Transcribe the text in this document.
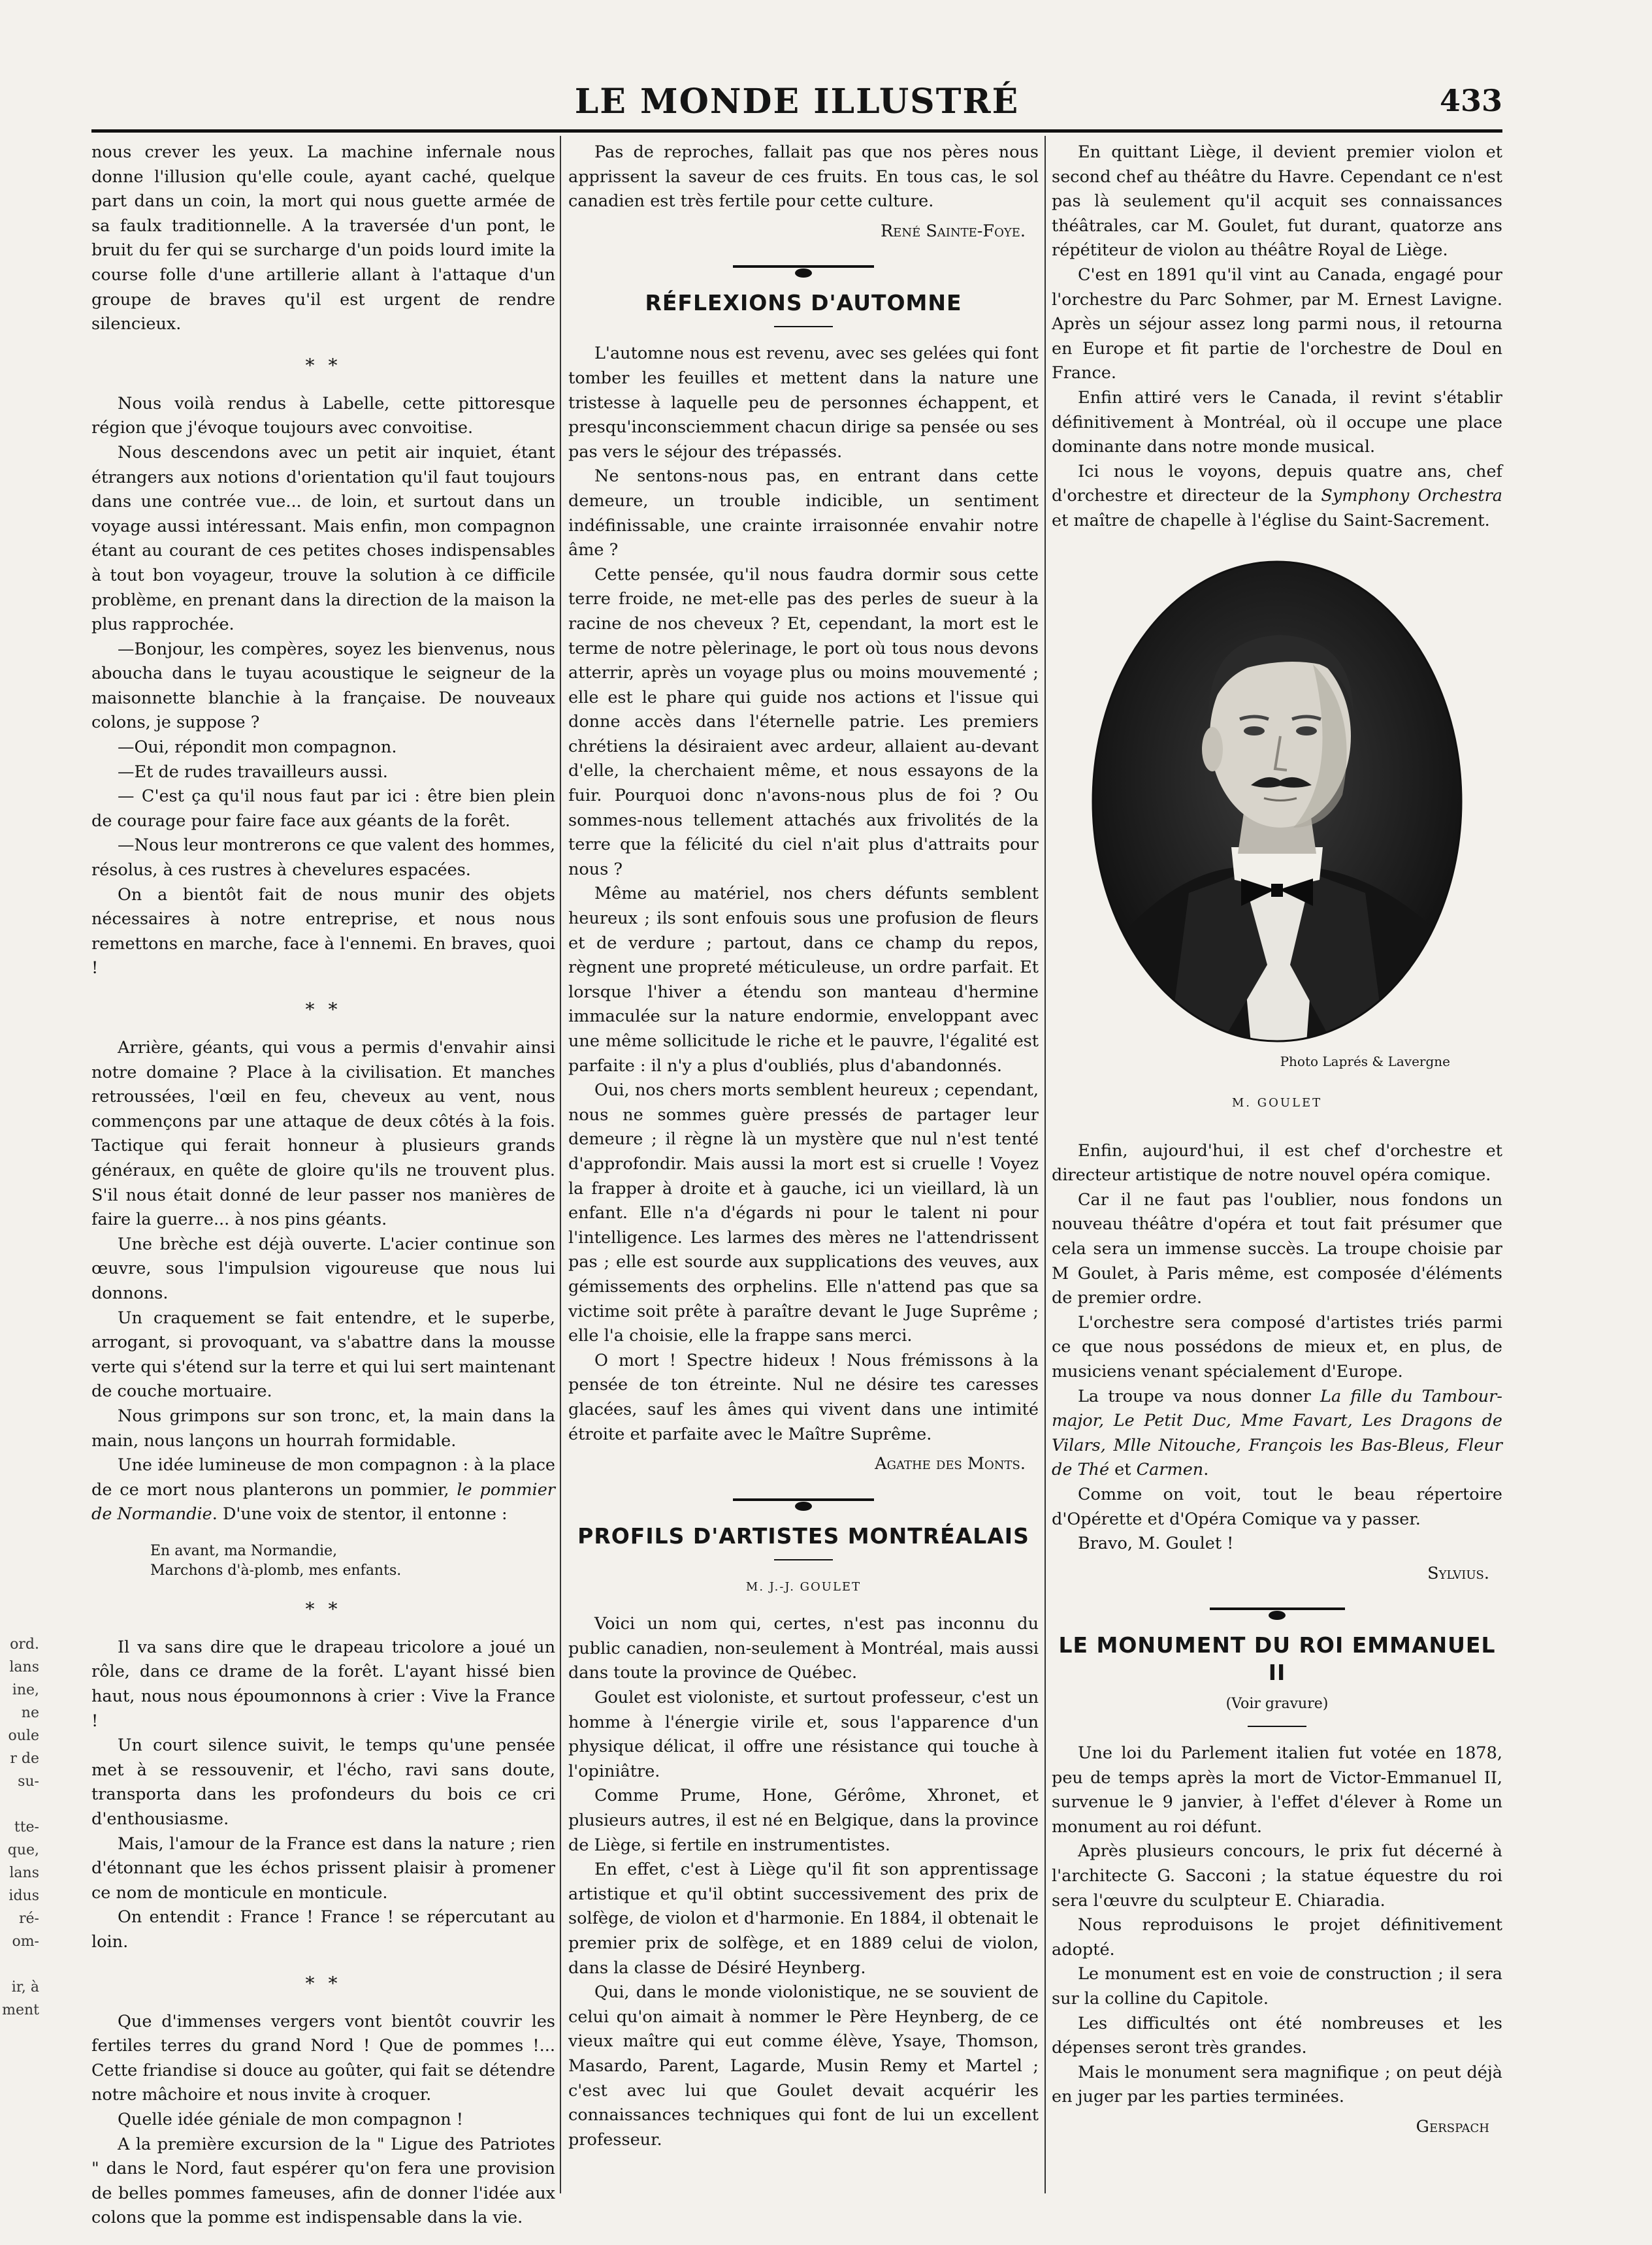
LE MONDE ILLUSTRÉ	433

nous crever les yeux. La machine infernale nous donne l'illusion qu'elle coule, ayant caché, quelque part dans un coin, la mort qui nous guette armée de sa faulx traditionnelle. A la traversée d'un pont, le bruit du fer qui se surcharge d'un poids lourd imite la course folle d'une artillerie allant à l'attaque d'un groupe de braves qu'il est urgent de rendre silencieux.

* *

Nous voilà rendus à Labelle, cette pittoresque région que j'évoque toujours avec convoitise.

Nous descendons avec un petit air inquiet, étant étrangers aux notions d'orientation qu'il faut toujours dans une contrée vue... de loin, et surtout dans un voyage aussi intéressant. Mais enfin, mon compagnon étant au courant de ces petites choses indispensables à tout bon voyageur, trouve la solution à ce difficile problème, en prenant dans la direction de la maison la plus rapprochée.

—Bonjour, les compères, soyez les bienvenus, nous aboucha dans le tuyau acoustique le seigneur de la maisonnette blanchie à la française. De nouveaux colons, je suppose ?

—Oui, répondit mon compagnon.

—Et de rudes travailleurs aussi.

— C'est ça qu'il nous faut par ici : être bien plein de courage pour faire face aux géants de la forêt.

—Nous leur montrerons ce que valent des hommes, résolus, à ces rustres à chevelures espacées.

On a bientôt fait de nous munir des objets nécessaires à notre entreprise, et nous nous remettons en marche, face à l'ennemi. En braves, quoi !

* *

Arrière, géants, qui vous a permis d'envahir ainsi notre domaine ? Place à la civilisation. Et manches retroussées, l'œil en feu, cheveux au vent, nous commençons par une attaque de deux côtés à la fois. Tactique qui ferait honneur à plusieurs grands généraux, en quête de gloire qu'ils ne trouvent plus. S'il nous était donné de leur passer nos manières de faire la guerre... à nos pins géants.

Une brèche est déjà ouverte. L'acier continue son œuvre, sous l'impulsion vigoureuse que nous lui donnons.

Un craquement se fait entendre, et le superbe, arrogant, si provoquant, va s'abattre dans la mousse verte qui s'étend sur la terre et qui lui sert maintenant de couche mortuaire.

Nous grimpons sur son tronc, et, la main dans la main, nous lançons un hourrah formidable.

Une idée lumineuse de mon compagnon : à la place de ce mort nous planterons un pommier, le pommier de Normandie. D'une voix de stentor, il entonne :

En avant, ma Normandie,
Marchons d'à-plomb, mes enfants.
* *

Il va sans dire que le drapeau tricolore a joué un rôle, dans ce drame de la forêt. L'ayant hissé bien haut, nous nous époumonnons à crier : Vive la France !

Un court silence suivit, le temps qu'une pensée met à se ressouvenir, et l'écho, ravi sans doute, transporta dans les profondeurs du bois ce cri d'enthousiasme.

Mais, l'amour de la France est dans la nature ; rien d'étonnant que les échos prissent plaisir à promener ce nom de monticule en monticule.

On entendit : France ! France ! se répercutant au loin.

* *

Que d'immenses vergers vont bientôt couvrir les fertiles terres du grand Nord ! Que de pommes !... Cette friandise si douce au goûter, qui fait se détendre notre mâchoire et nous invite à croquer.

Quelle idée géniale de mon compagnon !

A la première excursion de la " Ligue des Patriotes " dans le Nord, faut espérer qu'on fera une provision de belles pommes fameuses, afin de donner l'idée aux colons que la pomme est indispensable dans la vie.

Pas de reproches, fallait pas que nos pères nous apprissent la saveur de ces fruits. En tous cas, le sol canadien est très fertile pour cette culture.

René Sainte-Foye.

RÉFLEXIONS D'AUTOMNE

L'automne nous est revenu, avec ses gelées qui font tomber les feuilles et mettent dans la nature une tristesse à laquelle peu de personnes échappent, et presqu'inconsciemment chacun dirige sa pensée ou ses pas vers le séjour des trépassés.

Ne sentons-nous pas, en entrant dans cette demeure, un trouble indicible, un sentiment indéfinissable, une crainte irraisonnée envahir notre âme ?

Cette pensée, qu'il nous faudra dormir sous cette terre froide, ne met-elle pas des perles de sueur à la racine de nos cheveux ? Et, cependant, la mort est le terme de notre pèlerinage, le port où tous nous devons atterrir, après un voyage plus ou moins mouvementé ; elle est le phare qui guide nos actions et l'issue qui donne accès dans l'éternelle patrie. Les premiers chrétiens la désiraient avec ardeur, allaient au-devant d'elle, la cherchaient même, et nous essayons de la fuir. Pourquoi donc n'avons-nous plus de foi ? Ou sommes-nous tellement attachés aux frivolités de la terre que la félicité du ciel n'ait plus d'attraits pour nous ?

Même au matériel, nos chers défunts semblent heureux ; ils sont enfouis sous une profusion de fleurs et de verdure ; partout, dans ce champ du repos, règnent une propreté méticuleuse, un ordre parfait. Et lorsque l'hiver a étendu son manteau d'hermine immaculée sur la nature endormie, enveloppant avec une même sollicitude le riche et le pauvre, l'égalité est parfaite : il n'y a plus d'oubliés, plus d'abandonnés.

Oui, nos chers morts semblent heureux ; cependant, nous ne sommes guère pressés de partager leur demeure ; il règne là un mystère que nul n'est tenté d'approfondir. Mais aussi la mort est si cruelle ! Voyez la frapper à droite et à gauche, ici un vieillard, là un enfant. Elle n'a d'égards ni pour le talent ni pour l'intelligence. Les larmes des mères ne l'attendrissent pas ; elle est sourde aux supplications des veuves, aux gémissements des orphelins. Elle n'attend pas que sa victime soit prête à paraître devant le Juge Suprême ; elle l'a choisie, elle la frappe sans merci.

O mort ! Spectre hideux ! Nous frémissons à la pensée de ton étreinte. Nul ne désire tes caresses glacées, sauf les âmes qui vivent dans une intimité étroite et parfaite avec le Maître Suprême.

Agathe des Monts.

PROFILS D'ARTISTES MONTRÉALAIS

M. J.-J. GOULET

Voici un nom qui, certes, n'est pas inconnu du public canadien, non-seulement à Montréal, mais aussi dans toute la province de Québec.

Goulet est violoniste, et surtout professeur, c'est un homme à l'énergie virile et, sous l'apparence d'un physique délicat, il offre une résistance qui touche à l'opiniâtre.

Comme Prume, Hone, Gérôme, Xhronet, et plusieurs autres, il est né en Belgique, dans la province de Liège, si fertile en instrumentistes.

En effet, c'est à Liège qu'il fit son apprentissage artistique et qu'il obtint successivement des prix de solfège, de violon et d'harmonie. En 1884, il obtenait le premier prix de solfège, et en 1889 celui de violon, dans la classe de Désiré Heynberg.

Qui, dans le monde violonistique, ne se souvient de celui qu'on aimait à nommer le Père Heynberg, de ce vieux maître qui eut comme élève, Ysaye, Thomson, Masardo, Parent, Lagarde, Musin Remy et Martel ; c'est avec lui que Goulet devait acquérir les connaissances techniques qui font de lui un excellent professeur.

En quittant Liège, il devient premier violon et second chef au théâtre du Havre. Cependant ce n'est pas là seulement qu'il acquit ses connaissances théâtrales, car M. Goulet, fut durant, quatorze ans répétiteur de violon au théâtre Royal de Liège.

C'est en 1891 qu'il vint au Canada, engagé pour l'orchestre du Parc Sohmer, par M. Ernest Lavigne. Après un séjour assez long parmi nous, il retourna en Europe et fit partie de l'orchestre de Doul en France.

Enfin attiré vers le Canada, il revint s'établir définitivement à Montréal, où il occupe une place dominante dans notre monde musical.

Ici nous le voyons, depuis quatre ans, chef d'orchestre et directeur de la Symphony Orchestra et maître de chapelle à l'église du Saint-Sacrement.

Photo Laprés & Lavergne

M. GOULET

Enfin, aujourd'hui, il est chef d'orchestre et directeur artistique de notre nouvel opéra comique.

Car il ne faut pas l'oublier, nous fondons un nouveau théâtre d'opéra et tout fait présumer que cela sera un immense succès. La troupe choisie par M Goulet, à Paris même, est composée d'éléments de premier ordre.

L'orchestre sera composé d'artistes triés parmi ce que nous possédons de mieux et, en plus, de musiciens venant spécialement d'Europe.

La troupe va nous donner La fille du Tambour-major, Le Petit Duc, Mme Favart, Les Dragons de Vilars, Mlle Nitouche, François les Bas-Bleus, Fleur de Thé et Carmen.

Comme on voit, tout le beau répertoire d'Opérette et d'Opéra Comique va y passer.

Bravo, M. Goulet !

Sylvius.

LE MONUMENT DU ROI EMMANUEL II

(Voir gravure)

Une loi du Parlement italien fut votée en 1878, peu de temps après la mort de Victor-Emmanuel II, survenue le 9 janvier, à l'effet d'élever à Rome un monument au roi défunt.

Après plusieurs concours, le prix fut décerné à l'architecte G. Sacconi ; la statue équestre du roi sera l'œuvre du sculpteur E. Chiaradia.

Nous reproduisons le projet définitivement adopté.

Le monument est en voie de construction ; il sera sur la colline du Capitole.

Les difficultés ont été nombreuses et les dépenses seront très grandes.

Mais le monument sera magnifique ; on peut déjà en juger par les parties terminées.

Gerspach

ord.
lans
ine,
ne
oule
r de
su-

tte-
que,
lans
idus
ré-
om-

ir, à
ment
